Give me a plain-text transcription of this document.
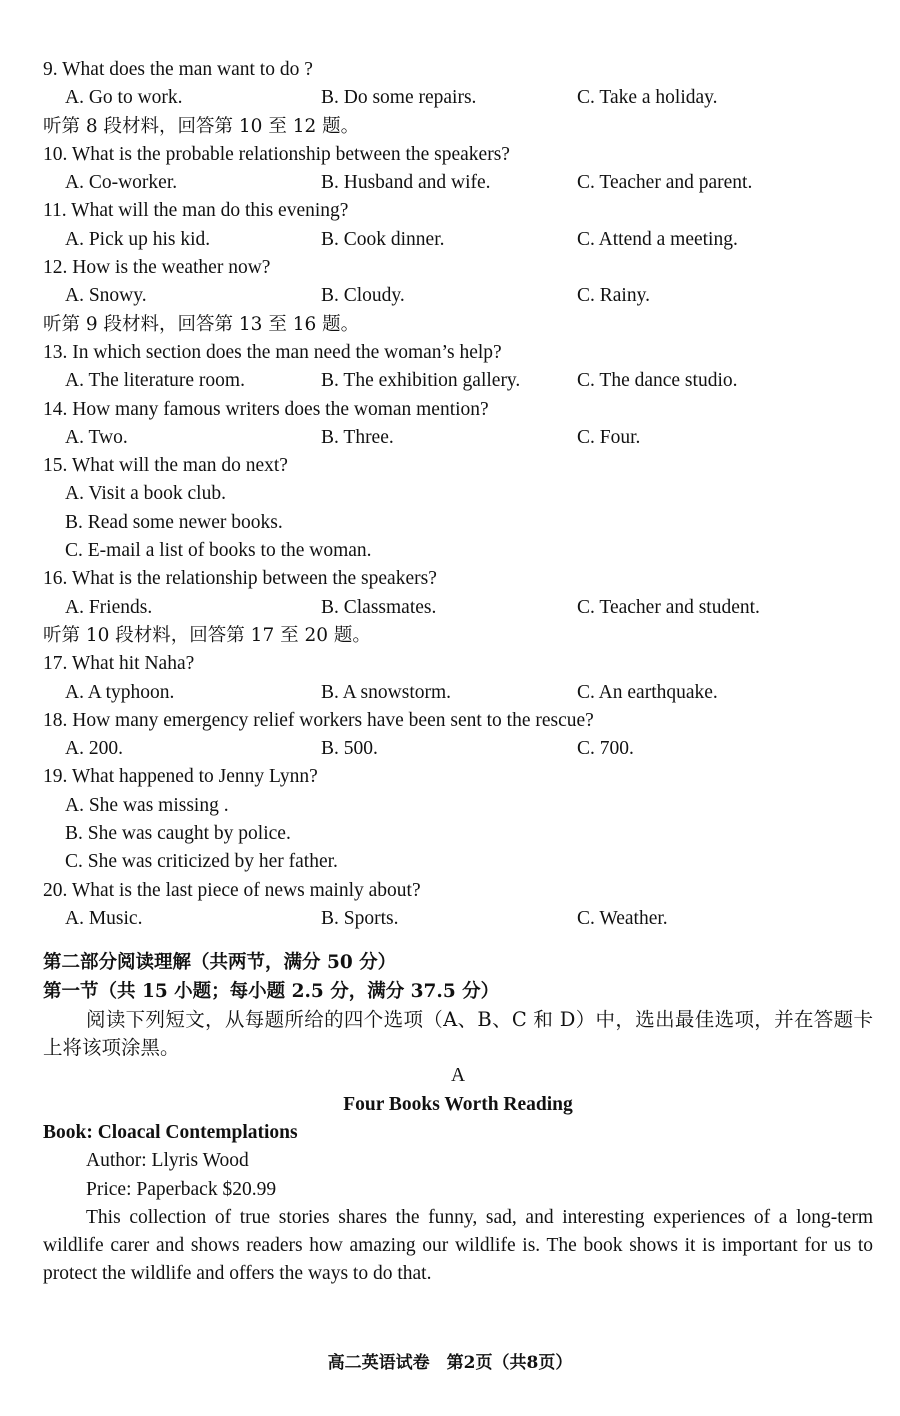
9. What does the man want to do ?
A. Go to work.	B. Do some repairs.	C. Take a holiday.
听第 8 段材料，回答第 10 至 12 题。
10. What is the probable relationship between the speakers?
A. Co-worker.	B. Husband and wife.	C. Teacher and parent.
11. What will the man do this evening?
A. Pick up his kid.	B. Cook dinner.	C. Attend a meeting.
12. How is the weather now?
A. Snowy.	B. Cloudy.	C. Rainy.
听第 9 段材料，回答第 13 至 16 题。
13. In which section does the man need the woman’s help?
A. The literature room.	B. The exhibition gallery.	C. The dance studio.
14. How many famous writers does the woman mention?
A. Two.	B. Three.	C. Four.
15. What will the man do next?
A. Visit a book club.
B. Read some newer books.
C. E-mail a list of books to the woman.
16. What is the relationship between the speakers?
A. Friends.	B. Classmates.	C. Teacher and student.
听第 10 段材料，回答第 17 至 20 题。
17. What hit Naha?
A. A typhoon.	B. A snowstorm.	C. An earthquake.
18. How many emergency relief workers have been sent to the rescue?
A. 200.	B. 500.	C. 700.
19. What happened to Jenny Lynn?
A. She was missing .
B. She was caught by police.
C. She was criticized by her father.
20. What is the last piece of news mainly about?
A. Music.	B. Sports.	C. Weather.
第二部分阅读理解（共两节，满分 50 分）
第一节（共 15 小题；每小题 2.5 分，满分 37.5 分）
阅读下列短文，从每题所给的四个选项（A、B、C 和 D）中，选出最佳选项，并在答题卡上将该项涂黑。
A
Four Books Worth Reading
Book: Cloacal Contemplations
Author: Llyris Wood
Price: Paperback $20.99
This collection of true stories shares the funny, sad, and interesting experiences of a long-term wildlife carer and shows readers how amazing our wildlife is. The book shows it is important for us to protect the wildlife and offers the ways to do that.
高二英语试卷　第2页（共8页）
